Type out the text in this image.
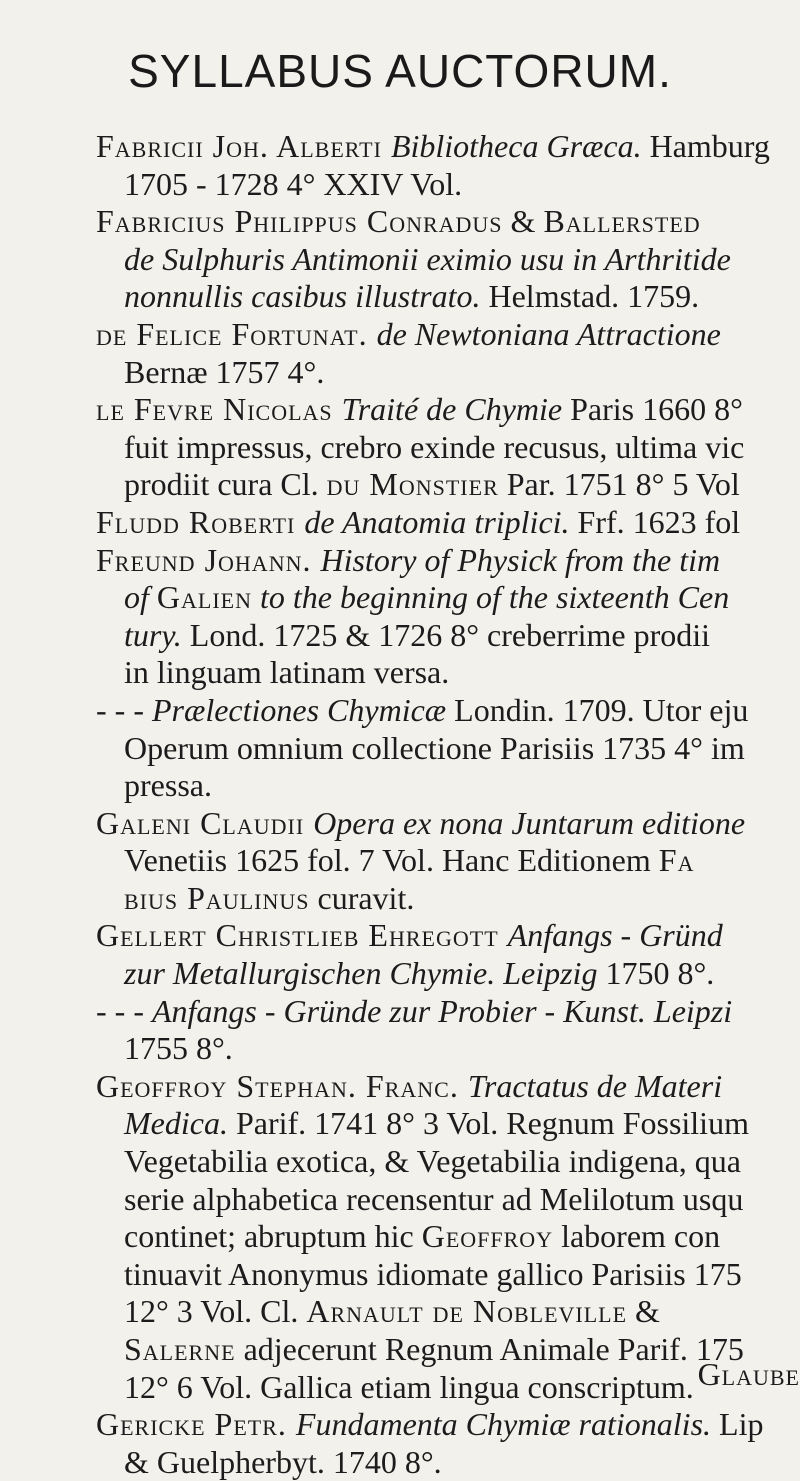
SYLLABUS AUCTORUM.
Fabricii Joh. Alberti Bibliotheca Græca. Hamburg
1705 - 1728 4° XXIV Vol.
Fabricius Philippus Conradus & Ballersted
de Sulphuris Antimonii eximio usu in Arthritide
nonnullis casibus illustrato. Helmstad. 1759.
de Felice Fortunat. de Newtoniana Attractione
Bernæ 1757 4°.
le Fevre Nicolas Traité de Chymie Paris 1660 8°
fuit impressus, crebro exinde recusus, ultima vic
prodiit cura Cl. du Monstier Par. 1751 8° 5 Vol
Fludd Roberti de Anatomia triplici. Frf. 1623 fol
Freund Johann. History of Physick from the tim
of Galien to the beginning of the sixteenth Cen
tury. Lond. 1725 & 1726 8° creberrime prodii
in linguam latinam versa.
- - - Prælectiones Chymicæ Londin. 1709. Utor eju
Operum omnium collectione Parisiis 1735 4° im
pressa.
Galeni Claudii Opera ex nona Juntarum editione
Venetiis 1625 fol. 7 Vol. Hanc Editionem Fa
bius Paulinus curavit.
Gellert Christlieb Ehregott Anfangs - Gründ
zur Metallurgischen Chymie. Leipzig 1750 8°.
- - - Anfangs - Gründe zur Probier - Kunst. Leipzi
1755 8°.
Geoffroy Stephan. Franc. Tractatus de Materi
Medica. Parif. 1741 8° 3 Vol. Regnum Fossilium
Vegetabilia exotica, & Vegetabilia indigena, qua
serie alphabetica recensentur ad Melilotum usqu
continet; abruptum hic Geoffroy laborem con
tinuavit Anonymus idiomate gallico Parisiis 175
12° 3 Vol. Cl. Arnault de Nobleville &
Salerne adjecerunt Regnum Animale Parif. 175
12° 6 Vol. Gallica etiam lingua conscriptum.
Gericke Petr. Fundamenta Chymiæ rationalis. Lip
& Guelpherbyt. 1740 8°.
Glaube
